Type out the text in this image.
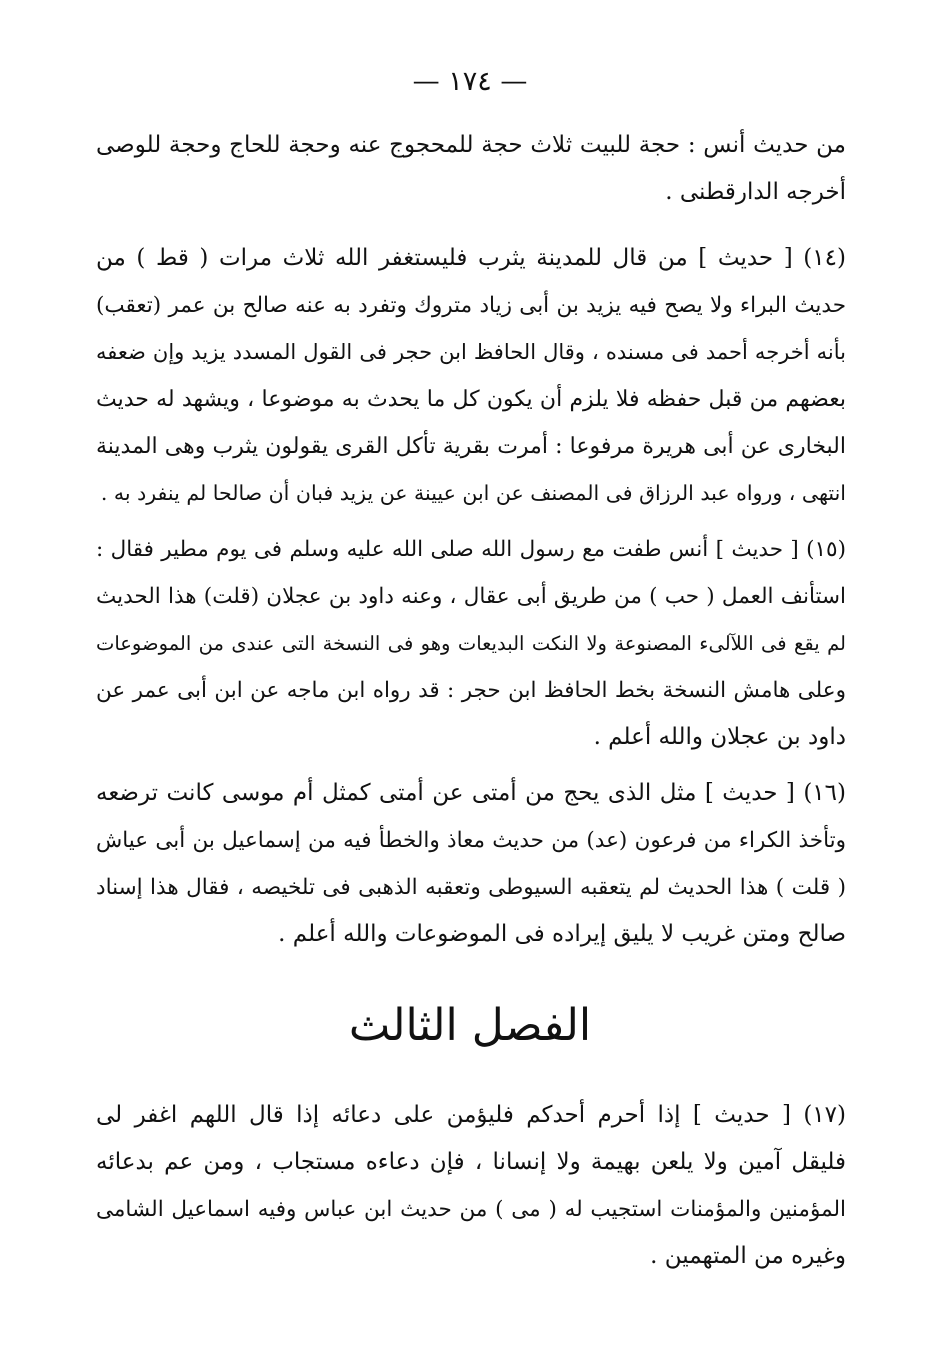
— ١٧٤ —
من حديث أنس : حجة للبيت ثلاث حجة للمحجوج عنه وحجة للحاج وحجة للوصى
أخرجه الدارقطنى .
(١٤) [ حديث ] من قال للمدينة يثرب فليستغفر الله ثلاث مرات ( قط ) من
حديث البراء ولا يصح فيه يزيد بن أبى زياد متروك وتفرد به عنه صالح بن عمر (تعقب)
بأنه أخرجه أحمد فى مسنده ، وقال الحافظ ابن حجر فى القول المسدد يزيد وإن ضعفه
بعضهم من قبل حفظه فلا يلزم أن يكون كل ما يحدث به موضوعا ، ويشهد له حديث
البخارى عن أبى هريرة مرفوعا : أمرت بقرية تأكل القرى يقولون يثرب وهى المدينة
انتهى ، ورواه عبد الرزاق فى المصنف عن ابن عيينة عن يزيد فبان أن صالحا لم ينفرد به .
(١٥) [ حديث ] أنس طفت مع رسول الله صلى الله عليه وسلم فى يوم مطير فقال :
استأنف العمل ( حب ) من طريق أبى عقال ، وعنه داود بن عجلان (قلت) هذا الحديث
لم يقع فى اللآلىء المصنوعة ولا النكت البديعات وهو فى النسخة التى عندى من الموضوعات
وعلى هامش النسخة بخط الحافظ ابن حجر : قد رواه ابن ماجه عن ابن أبى عمر عن
داود بن عجلان والله أعلم .
(١٦) [ حديث ] مثل الذى يحج من أمتى عن أمتى كمثل أم موسى كانت ترضعه
وتأخذ الكراء من فرعون (عد) من حديث معاذ والخطأ فيه من إسماعيل بن أبى عياش
( قلت ) هذا الحديث لم يتعقبه السيوطى وتعقبه الذهبى فى تلخيصه ، فقال هذا إسناد
صالح ومتن غريب لا يليق إيراده فى الموضوعات والله أعلم .
الفصل الثالث
(١٧) [ حديث ] إذا أحرم أحدكم فليؤمن على دعائه إذا قال اللهم اغفر لى
فليقل آمين ولا يلعن بهيمة ولا إنسانا ، فإن دعاءه مستجاب ، ومن عم بدعائه
المؤمنين والمؤمنات استجيب له ( مى ) من حديث ابن عباس وفيه اسماعيل الشامى
وغيره من المتهمين .
